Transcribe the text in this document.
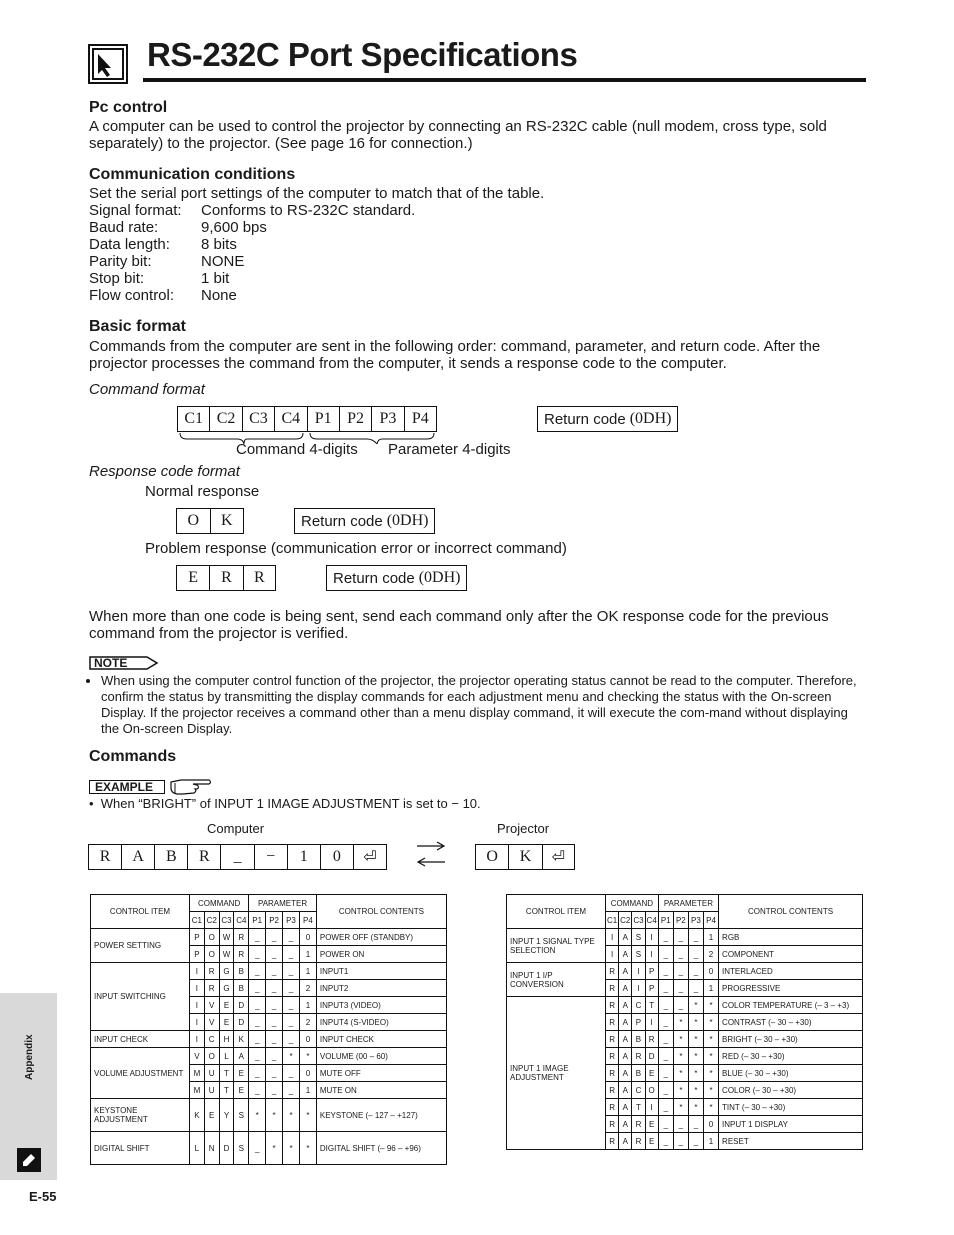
RS-232C Port Specifications
Pc control
A computer can be used to control the projector by connecting an RS-232C cable (null modem, cross type, sold separately) to the projector. (See page 16 for connection.)
Communication conditions
Set the serial port settings of the computer to match that of the table.
Signal format: Conforms to RS-232C standard.
Baud rate:	9,600 bps
Data length: 8 bits
Parity bit:	NONE
Stop bit:	1 bit
Flow control: None
Basic format
Commands from the computer are sent in the following order: command, parameter, and return code. After the projector processes the command from the computer, it sends a response code to the computer.
Command format
C1 C2 C3 C4 P1 P2 P3 P4	Return code (0DH)
Command 4-digits Parameter 4-digits
Response code format
Normal response
O	K	Return code (0DH)
Problem response (communication error or incorrect command)
E	R	R	Return code (0DH)
When more than one code is being sent, send each command only after the OK response code for the previous command from the projector is verified.
NOTE
• When using the computer control function of the projector, the projector operating status cannot be read to the computer. Therefore, confirm the status by transmitting the display commands for each adjustment menu and checking the status with the On-screen Display. If the projector receives a command other than a menu display command, it will execute the com-mand without displaying the On-screen Display.
Commands
EXAMPLE
•  When “BRIGHT” of INPUT 1 IMAGE ADJUSTMENT is set to − 10.
Computer	Projector
R	A	B	R	_	−	1	0	⏎	O	K	⏎
CONTROL ITEM	COMMAND				PARAMETER				CONTROL CONTENTS
	C1	C2	C3	C4	P1	P2	P3	P4	
POWER SETTING	P	O	W	R	_	_	_	0	POWER OFF (STANDBY)
	P	O	W	R	_	_	_	1	POWER ON
INPUT SWITCHING	I	R	G	B	_	_	_	1	INPUT1
	I	R	G	B	_	_	_	2	INPUT2
	I	V	E	D	_	_	_	1	INPUT3 (VIDEO)
	I	V	E	D	_	_	_	2	INPUT4 (S-VIDEO)
INPUT CHECK	I	C	H	K	_	_	_	0	INPUT CHECK
VOLUME ADJUSTMENT	V	O	L	A	_	_	*	*	VOLUME (00 – 60)
	M	U	T	E	_	_	_	0	MUTE OFF
	M	U	T	E	_	_	_	1	MUTE ON
KEYSTONE ADJUSTMENT	K	E	Y	S	*	*	*	*	KEYSTONE (– 127 – +127)
DIGITAL SHIFT	L	N	D	S	_	*	*	*	DIGITAL SHIFT (– 96 – +96)
CONTROL ITEM	COMMAND				PARAMETER				CONTROL CONTENTS
	C1	C2	C3	C4	P1	P2	P3	P4	
INPUT 1 SIGNAL TYPE SELECTION	I	A	S	I	_	_	_	1	RGB
	I	A	S	I	_	_	_	2	COMPONENT
INPUT 1 I/P CONVERSION	R	A	I	P	_	_	_	0	INTERLACED
	R	A	I	P	_	_	_	1	PROGRESSIVE
INPUT 1 IMAGE ADJUSTMENT	R	A	C	T	_	_	*	*	COLOR TEMPERATURE (– 3 – +3)
	R	A	P	I	_	*	*	*	CONTRAST (– 30 – +30)
	R	A	B	R	_	*	*	*	BRIGHT (– 30 – +30)
	R	A	R	D	_	*	*	*	RED (– 30 – +30)
	R	A	B	E	_	*	*	*	BLUE (– 30 – +30)
	R	A	C	O	_	*	*	*	COLOR (– 30 – +30)
	R	A	T	I	_	*	*	*	TINT (– 30 – +30)
	R	A	R	E	_	_	_	0	INPUT 1 DISPLAY
	R	A	R	E	_	_	_	1	RESET
Appendix
E-55
